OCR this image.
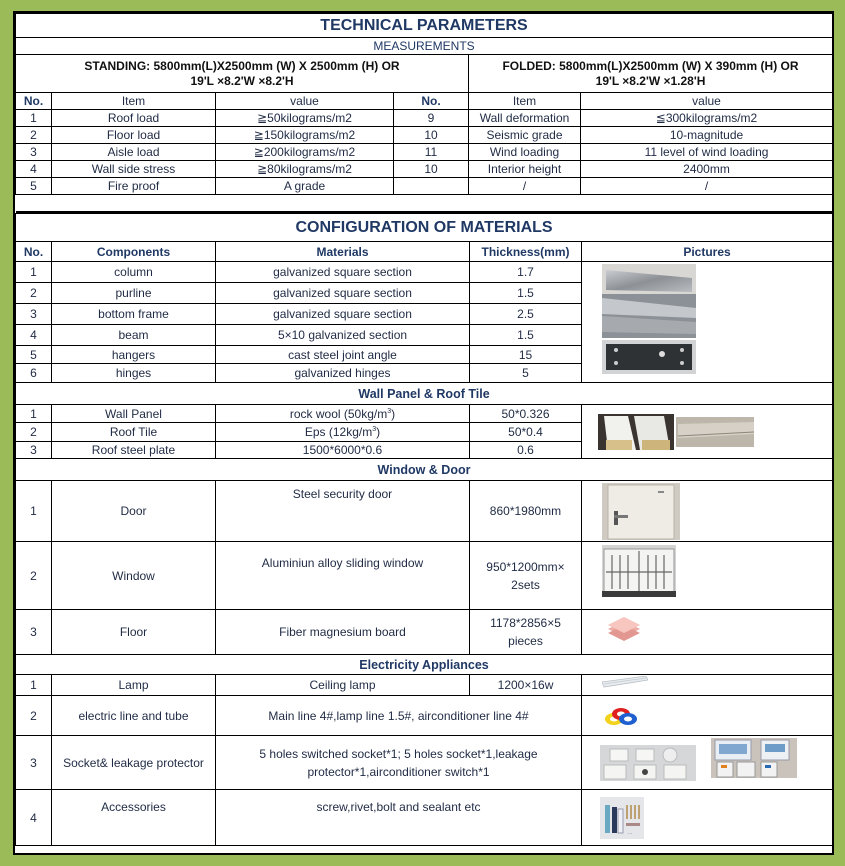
TECHNICAL PARAMETERS					
MEASUREMENTS					

STANDING: 5800mm(L)X2500mm (W) X 2500mm (H) OR
19'L ×8.2'W ×8.2'H

FOLDED: 5800mm(L)X2500mm (W) X 390mm (H) OR
19'L ×8.2'W ×1.28'H

No.	Item	value	No.	Item	value
1	Roof load	≧50kilograms/m2	9	Wall deformation	≦300kilograms/m2
2	Floor load	≧150kilograms/m2	10	Seismic grade	10-magnitude
3	Aisle load	≧200kilograms/m2	11	Wind loading	11 level of wind loading
4	Wall side stress	≧80kilograms/m2	10	Interior height	2400mm
5	Fire proof	A grade		/	/

CONFIGURATION OF MATERIALS				
No.	Components	Materials	Thickness(mm)	Pictures
1	column	galvanized square section	1.7	
2	purline	galvanized square section	1.5	
3	bottom frame	galvanized square section	2.5	
4	beam	5×10 galvanized section	1.5	
5	hangers	cast steel joint angle	15	
6	hinges	galvanized hinges	5	
Wall Panel & Roof Tile				
1	Wall Panel	rock wool $(50kg/m^3)$	50*0.326	
2	Roof Tile	Eps $(12kg/m^3)$	50*0.4	
3	Roof steel plate	1500*6000*0.6	0.6	
Window & Door				
1	Door	Steel security door	860*1980mm	
2	Window	Aluminiun alloy sliding window	950*1200mm× 2sets	
3	Floor	Fiber magnesium board	1178*2856×5 pieces	
Electricity Appliances				
1	Lamp	Ceiling lamp	1200×16w	
2	electric line and tube	Main line 4#,lamp line 1.5#, airconditioner line 4#	
3	Socket& leakage protector	5 holes switched socket*1; 5 holes socket*1,leakage protector*1,airconditioner switch*1	
4	Accessories	screw,rivet,bolt and sealant etc		···
